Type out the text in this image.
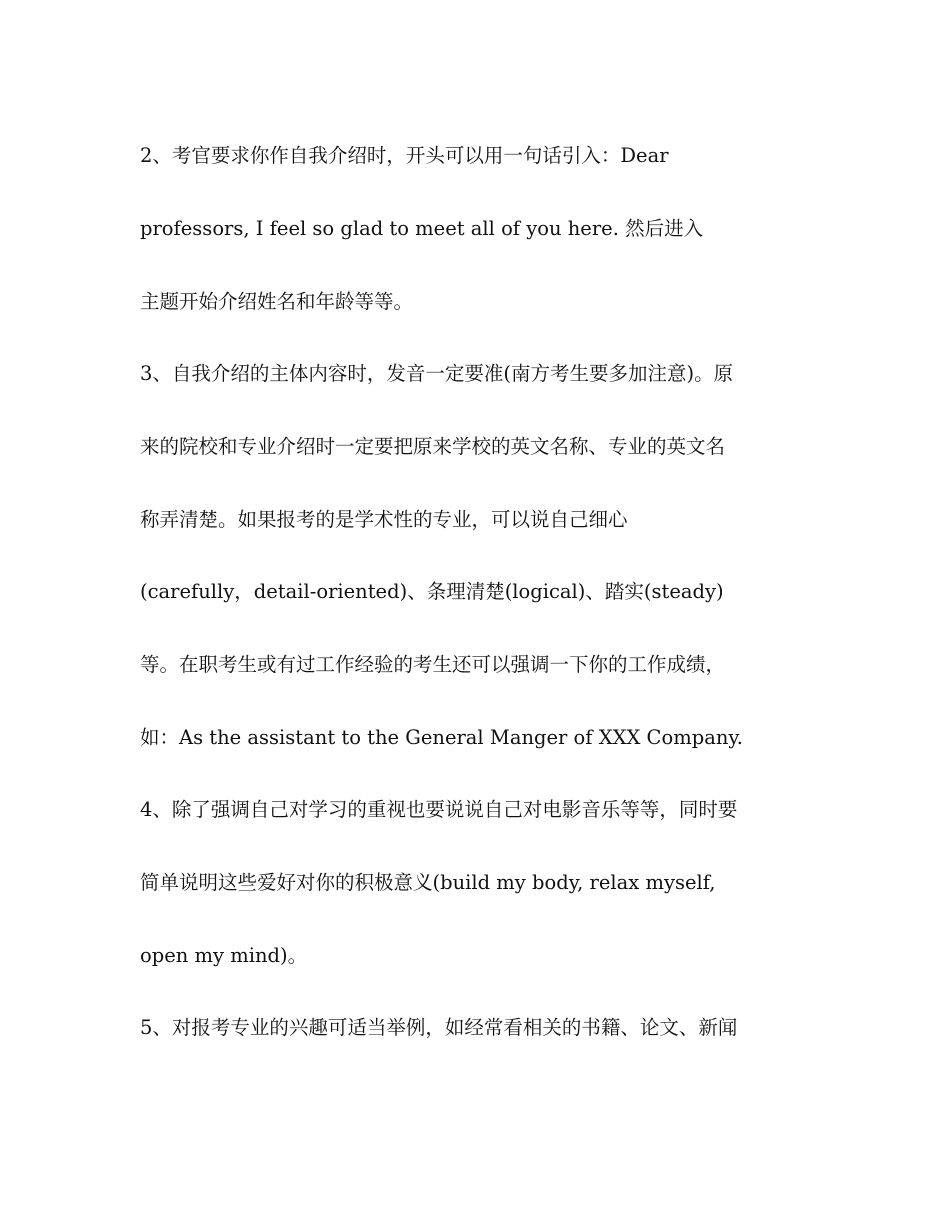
2、考官要求你作自我介绍时，开头可以用一句话引入：Dear
professors, I feel so glad to meet all of you here. 然后进入
主题开始介绍姓名和年龄等等。
3、自我介绍的主体内容时，发音一定要准(南方考生要多加注意)。原
来的院校和专业介绍时一定要把原来学校的英文名称、专业的英文名
称弄清楚。如果报考的是学术性的专业，可以说自己细心
(carefully，detail-oriented)、条理清楚(logical)、踏实(steady)
等。在职考生或有过工作经验的考生还可以强调一下你的工作成绩，
如：As the assistant to the General Manger of XXX Company.
4、除了强调自己对学习的重视也要说说自己对电影音乐等等，同时要
简单说明这些爱好对你的积极意义(build my body, relax myself,
open my mind)。
5、对报考专业的兴趣可适当举例，如经常看相关的书籍、论文、新闻
